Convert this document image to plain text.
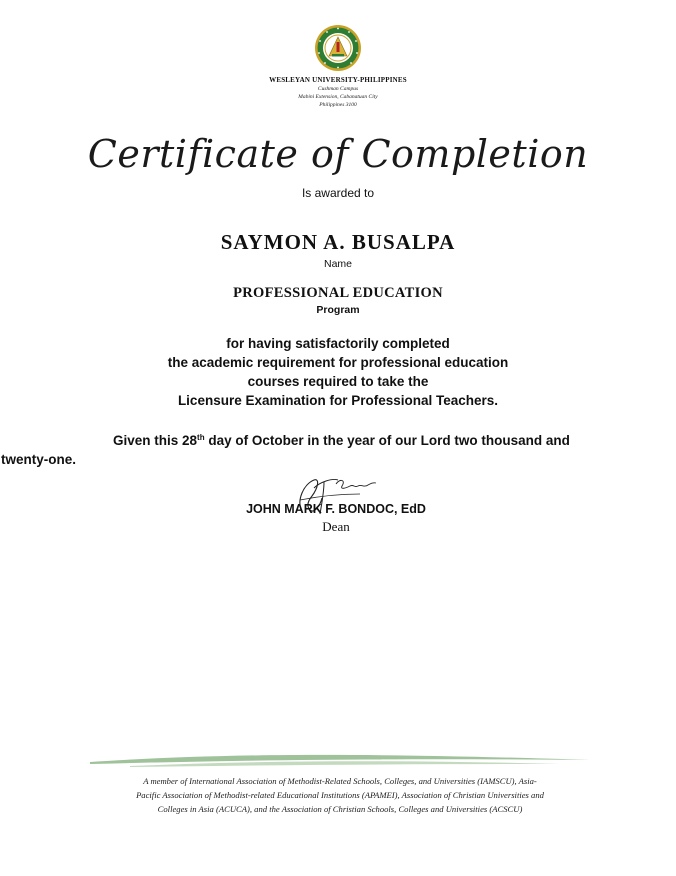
WESLEYAN UNIVERSITY-PHILIPPINES
Cushman Campus
Mabini Extension, Cabanatuan City
Philippines 3100
Certificate of Completion
Is awarded to
SAYMON A. BUSALPA
Name
PROFESSIONAL EDUCATION
Program
for having satisfactorily completed
the academic requirement for professional education
courses required to take the
Licensure Examination for Professional Teachers.
Given this 28th day of October in the year of our Lord two thousand and
twenty-one.
JOHN MARK F. BONDOC, EdD
Dean
A member of International Association of Methodist-Related Schools, Colleges, and Universities (IAMSCU), Asia-
Pacific Association of Methodist-related Educational Institutions (APAMEI), Association of Christian Universities and
Colleges in Asia (ACUCA), and the Association of Christian Schools, Colleges and Universities (ACSCU)
